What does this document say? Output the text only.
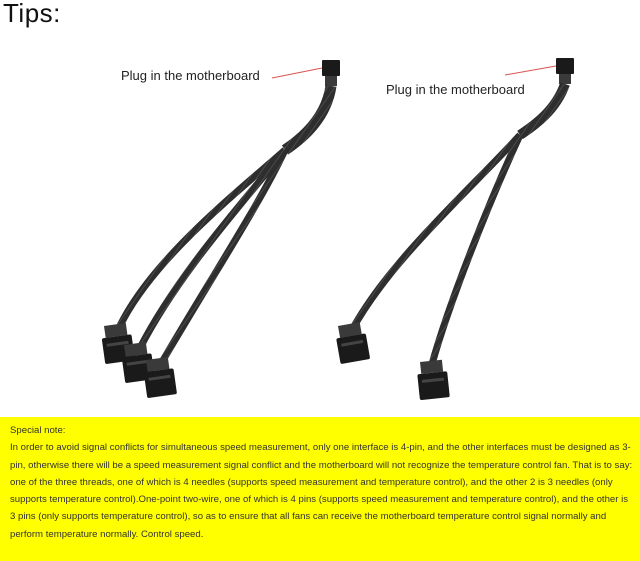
Tips:
Plug in the motherboard
Plug in the motherboard

Special note:

In order to avoid signal conflicts for simultaneous speed measurement, only one interface is 4-pin, and the other interfaces must be designed as 3-pin, otherwise there will be a speed measurement signal conflict and the motherboard will not recognize the temperature control fan. That is to say: one of the three threads, one of which is 4 needles (supports speed measurement and temperature control), and the other 2 is 3 needles (only supports temperature control).One-point two-wire, one of which is 4 pins (supports speed measurement and temperature control), and the other is 3 pins (only supports temperature control), so as to ensure that all fans can receive the motherboard temperature control signal normally and perform temperature normally. Control speed.
